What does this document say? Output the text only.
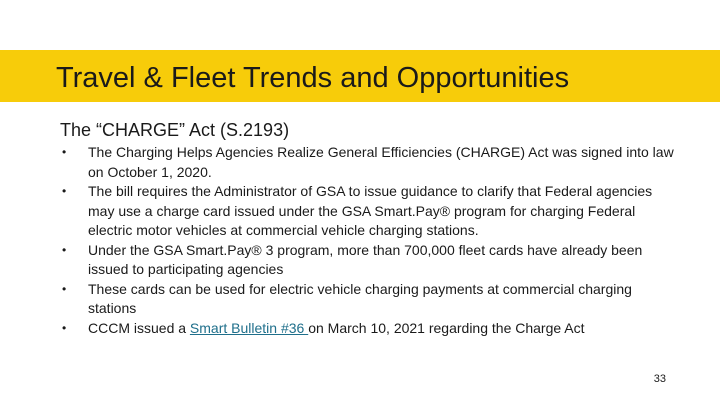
Travel & Fleet Trends and Opportunities
The “CHARGE” Act (S.2193)
• The Charging Helps Agencies Realize General Efficiencies (CHARGE) Act was signed into law on October 1, 2020.
• The bill requires the Administrator of GSA to issue guidance to clarify that Federal agencies may use a charge card issued under the GSA Smart.Pay® program for charging Federal electric motor vehicles at commercial vehicle charging stations.
• Under the GSA Smart.Pay® 3 program, more than 700,000 fleet cards have already been issued to participating agencies
• These cards can be used for electric vehicle charging payments at commercial charging stations
• CCCM issued a Smart Bulletin #36 on March 10, 2021 regarding the Charge Act
33
